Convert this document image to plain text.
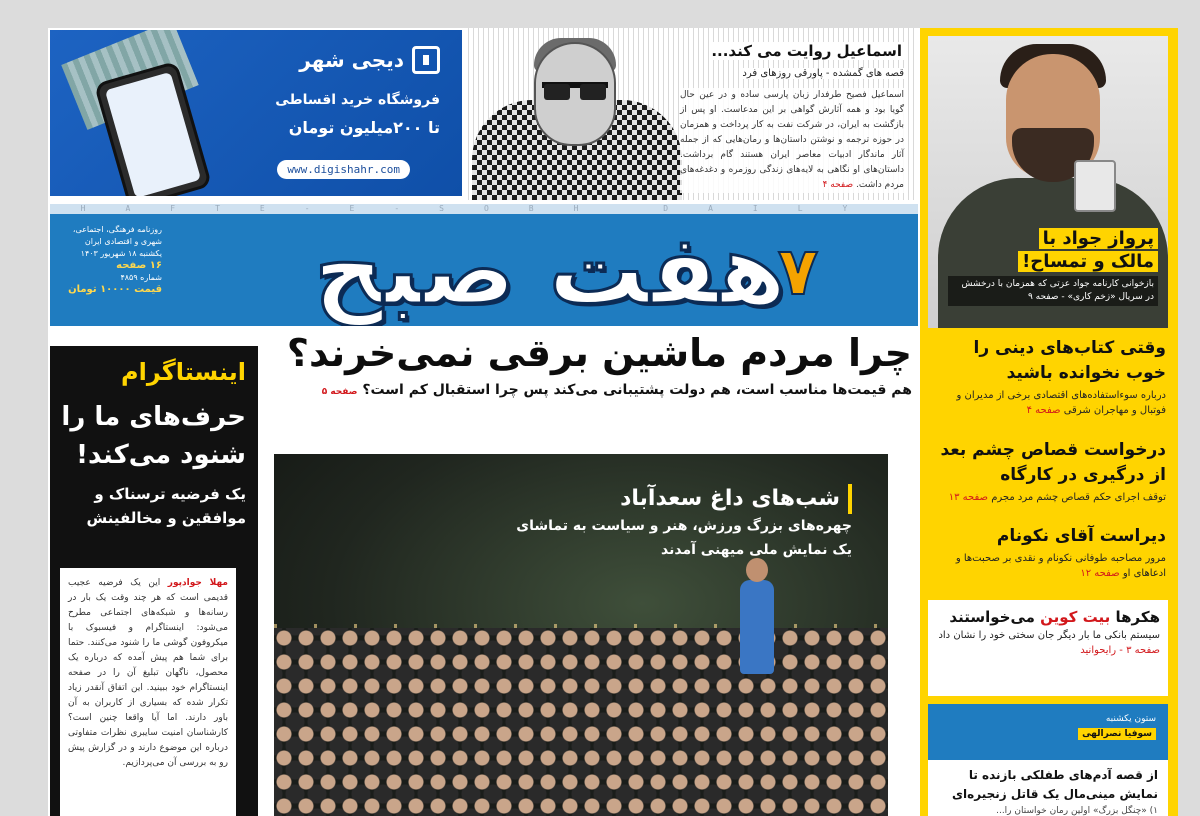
دیجی شهر
فروشگاه خرید اقساطی
تا ۲۰۰میلیون تومان
www.digishahr.com
اسماعیل روایت می کند...
قصه های گمشده - پاورقی روزهای فرد
اسماعیل فصیح طرفدار زبان پارسی ساده و در عین حال گویا بود و همه آثارش گواهی بر این مدعاست. او پس از بازگشت به ایران، در شرکت نفت به کار پرداخت و همزمان در حوزه ترجمه و نوشتن داستان‌ها و رمان‌هایی که از جمله آثار ماندگار ادبیات معاصر ایران هستند گام برداشت. داستان‌های او نگاهی به لایه‌های زندگی روزمره و دغدغه‌های مردم داشت. صفحه ۴
HAFTE-E-SOBH DAILY
هفت صبح
۷
روزنامه فرهنگی، اجتماعی، شهری و اقتصادی ایران
یکشنبه ۱۸ شهریور ۱۴۰۳
۱۶ صفحه
شماره ۴۸۵۹
قیمت ۱۰۰۰۰ تومان
اینستاگرام
حرف‌های ما را شنود می‌کند!
یک فرضیه ترسناک و موافقین و مخالفینش
مهلا جوادپور این یک فرضیه عجیب قدیمی است که هر چند وقت یک بار در رسانه‌ها و شبکه‌های اجتماعی مطرح می‌شود: اینستاگرام و فیسبوک با میکروفون گوشی ما را شنود می‌کنند. حتما برای شما هم پیش آمده که درباره یک محصول، ناگهان تبلیغ آن را در صفحه اینستاگرام خود ببینید. این اتفاق آنقدر زیاد تکرار شده که بسیاری از کاربران به آن باور دارند. اما آیا واقعا چنین است؟ کارشناسان امنیت سایبری نظرات متفاوتی درباره این موضوع دارند و در گزارش پیش رو به بررسی آن می‌پردازیم.
چرا مردم ماشین برقی نمی‌خرند؟
هم قیمت‌ها مناسب است، هم دولت پشتیبانی می‌کند پس چرا استقبال کم است؟ صفحه ۵
شب‌های داغ سعدآباد
چهره‌های بزرگ ورزش، هنر و سیاست به تماشای
یک نمایش ملی میهنی آمدند
پرواز جواد با
مالک و تمساح!
بازخوانی کارنامه جواد عزتی که همزمان با درخشش در سریال «زخم کاری» - صفحه ۹
وقتی کتاب‌های دینی را خوب نخوانده باشید
درباره سوءاستفاده‌های اقتصادی برخی از مدیران و فوتبال و مهاجران شرقی صفحه ۴
درخواست قصاص چشم بعد از درگیری در کارگاه
توقف اجرای حکم قصاص چشم مرد مجرم صفحه ۱۳
دیراست آقای نکونام
مرور مصاحبه طوفانی نکونام و نقدی بر صحبت‌ها و ادعاهای او صفحه ۱۲
هکرها بیت کوین می‌خواستند
سیستم بانکی ما بار دیگر جان سختی خود را نشان داد صفحه ۳ - رایحوانید
ستون یکشنبه
سوفیا نصرالهی
از قصه آدم‌های طفلکی بازنده تا نمایش مینی‌مال یک قاتل زنجیره‌ای
۱) «چنگل بزرگ» اولین رمان خواستان را...
